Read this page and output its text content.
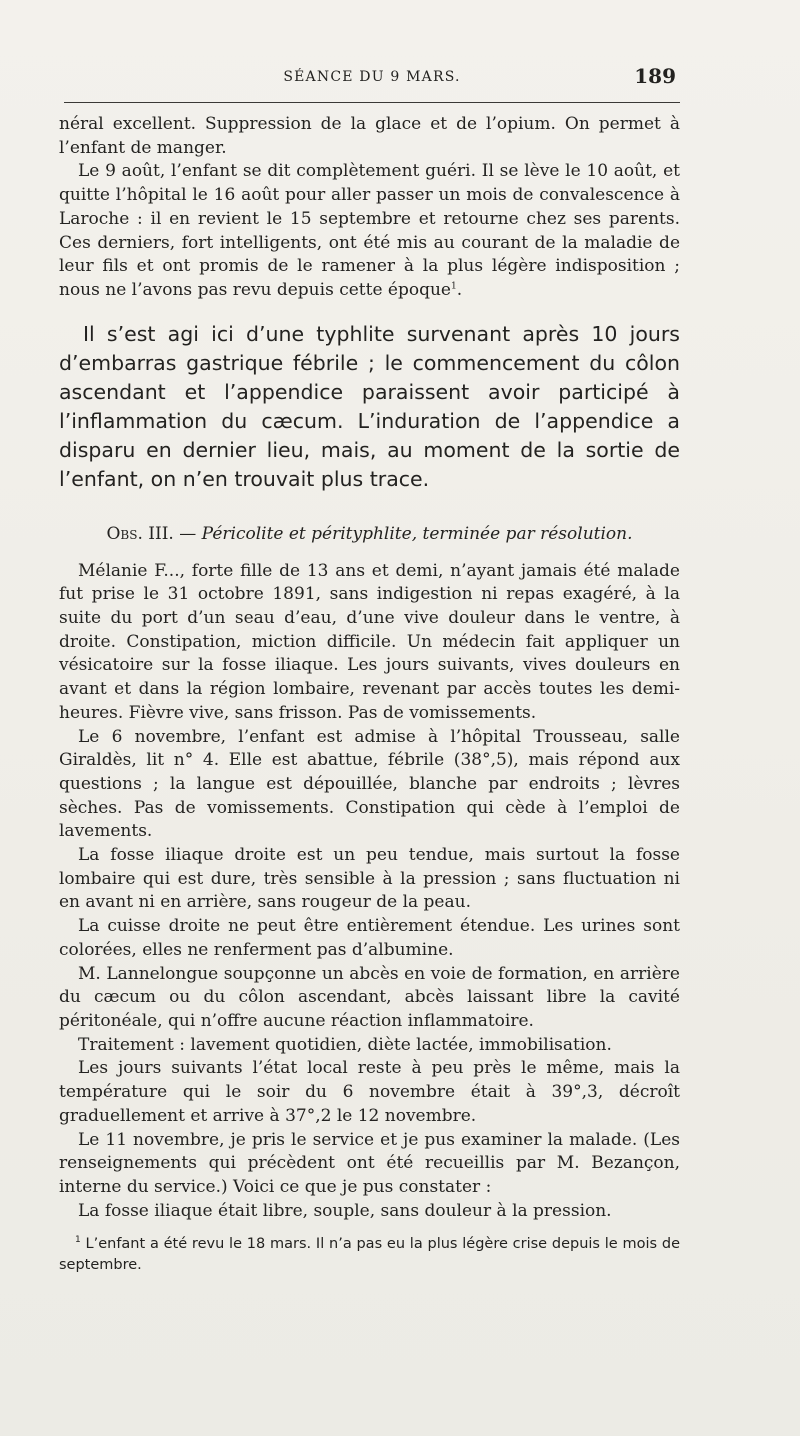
SÉANCE DU 9 MARS.	189

néral excellent. Suppression de la glace et de l’opium. On permet à l’enfant de manger.

Le 9 août, l’enfant se dit complètement guéri. Il se lève le 10 août, et quitte l’hôpital le 16 août pour aller passer un mois de convalescence à Laroche : il en revient le 15 septembre et retourne chez ses parents. Ces derniers, fort intelligents, ont été mis au courant de la maladie de leur fils et ont promis de le ramener à la plus légère indisposition ; nous ne l’avons pas revu depuis cette époque$^1$.

Il s’est agi ici d’une typhlite survenant après 10 jours d’embarras gastrique fébrile ; le commencement du côlon ascendant et l’appendice paraissent avoir participé à l’inflammation du cæcum. L’induration de l’appendice a disparu en dernier lieu, mais, au moment de la sortie de l’enfant, on n’en trouvait plus trace.

Obs. III. — Péricolite et pérityphlite, terminée par résolution.

Mélanie F..., forte fille de 13 ans et demi, n’ayant jamais été malade fut prise le 31 octobre 1891, sans indigestion ni repas exagéré, à la suite du port d’un seau d’eau, d’une vive douleur dans le ventre, à droite. Constipation, miction difficile. Un médecin fait appliquer un vésicatoire sur la fosse iliaque. Les jours suivants, vives douleurs en avant et dans la région lombaire, revenant par accès toutes les demi-heures. Fièvre vive, sans frisson. Pas de vomissements.

Le 6 novembre, l’enfant est admise à l’hôpital Trousseau, salle Giraldès, lit n° 4. Elle est abattue, fébrile (38°,5), mais répond aux questions ; la langue est dépouillée, blanche par endroits ; lèvres sèches. Pas de vomissements. Constipation qui cède à l’emploi de lavements.

La fosse iliaque droite est un peu tendue, mais surtout la fosse lombaire qui est dure, très sensible à la pression ; sans fluctuation ni en avant ni en arrière, sans rougeur de la peau.

La cuisse droite ne peut être entièrement étendue. Les urines sont colorées, elles ne renferment pas d’albumine.

M. Lannelongue soupçonne un abcès en voie de formation, en arrière du cæcum ou du côlon ascendant, abcès laissant libre la cavité péritonéale, qui n’offre aucune réaction inflammatoire.

Traitement : lavement quotidien, diète lactée, immobilisation.

Les jours suivants l’état local reste à peu près le même, mais la température qui le soir du 6 novembre était à 39°,3, décroît graduellement et arrive à 37°,2 le 12 novembre.

Le 11 novembre, je pris le service et je pus examiner la malade. (Les renseignements qui précèdent ont été recueillis par M. Bezançon, interne du service.) Voici ce que je pus constater :

La fosse iliaque était libre, souple, sans douleur à la pression.

$^1$ L’enfant a été revu le 18 mars. Il n’a pas eu la plus légère crise depuis le mois de septembre.
